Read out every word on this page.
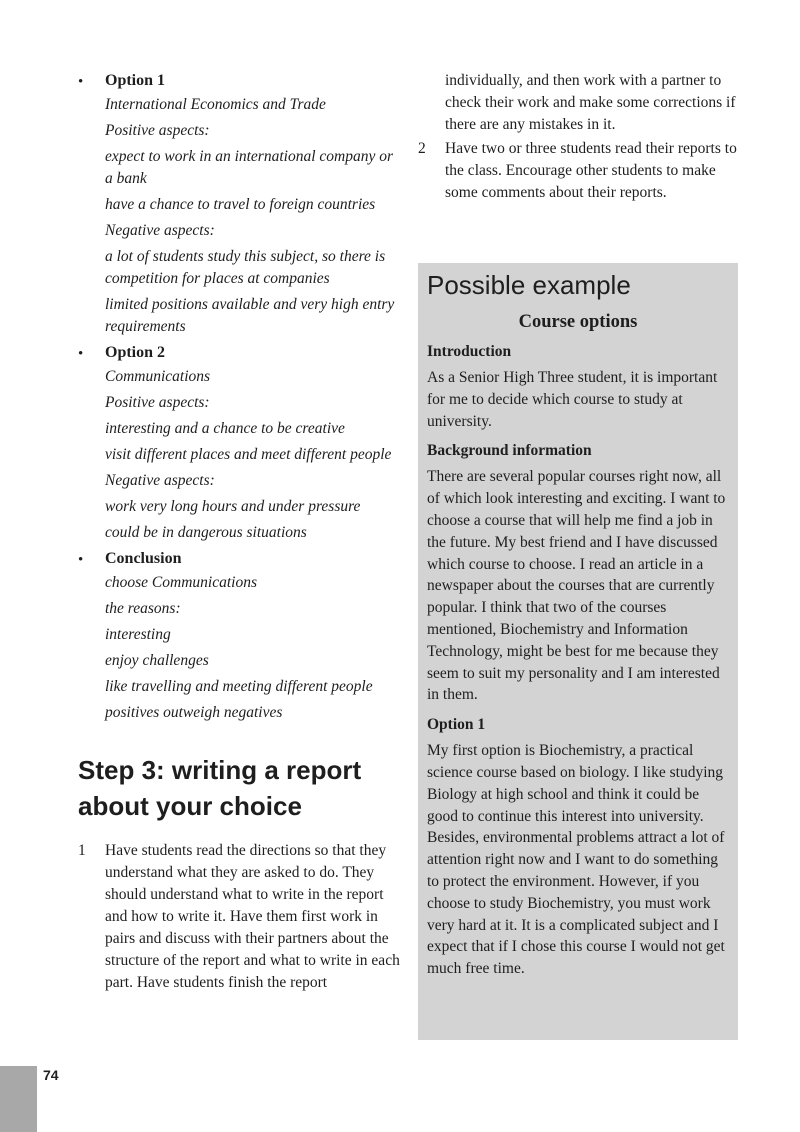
• Option 1
International Economics and Trade
Positive aspects:
expect to work in an international company or a bank
have a chance to travel to foreign countries
Negative aspects:
a lot of students study this subject, so there is competition for places at companies
limited positions available and very high entry requirements
• Option 2
Communications
Positive aspects:
interesting and a chance to be creative
visit different places and meet different people
Negative aspects:
work very long hours and under pressure
could be in dangerous situations
• Conclusion
choose Communications
the reasons:
interesting
enjoy challenges
like travelling and meeting different people
positives outweigh negatives
Step 3: writing a report about your choice
1 Have students read the directions so that they understand what they are asked to do. They should understand what to write in the report and how to write it. Have them first work in pairs and discuss with their partners about the structure of the report and what to write in each part. Have students finish the report
individually, and then work with a partner to check their work and make some corrections if there are any mistakes in it.
2 Have two or three students read their reports to the class. Encourage other students to make some comments about their reports.
Possible example
Course options
Introduction
As a Senior High Three student, it is important for me to decide which course to study at university.
Background information
There are several popular courses right now, all of which look interesting and exciting. I want to choose a course that will help me find a job in the future. My best friend and I have discussed which course to choose. I read an article in a newspaper about the courses that are currently popular. I think that two of the courses mentioned, Biochemistry and Information Technology, might be best for me because they seem to suit my personality and I am interested in them.
Option 1
My first option is Biochemistry, a practical science course based on biology. I like studying Biology at high school and think it could be good to continue this interest into university. Besides, environmental problems attract a lot of attention right now and I want to do something to protect the environment. However, if you choose to study Biochemistry, you must work very hard at it. It is a complicated subject and I expect that if I chose this course I would not get much free time.
74
